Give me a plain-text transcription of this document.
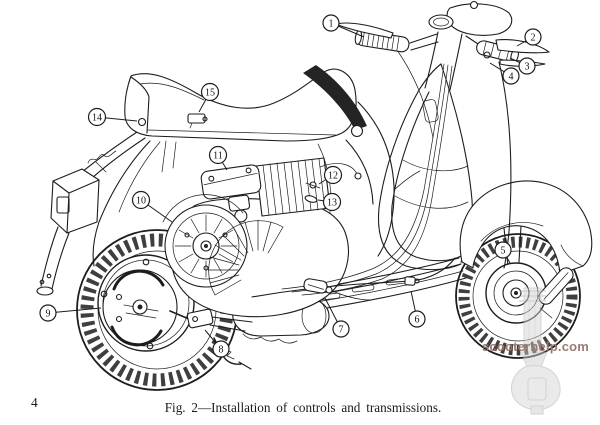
1
2
3
4
5
6
7
8
9
10
11
12
13
14
15
scooterhelp.com
Fig. 2—Installation of controls and transmissions.
4
